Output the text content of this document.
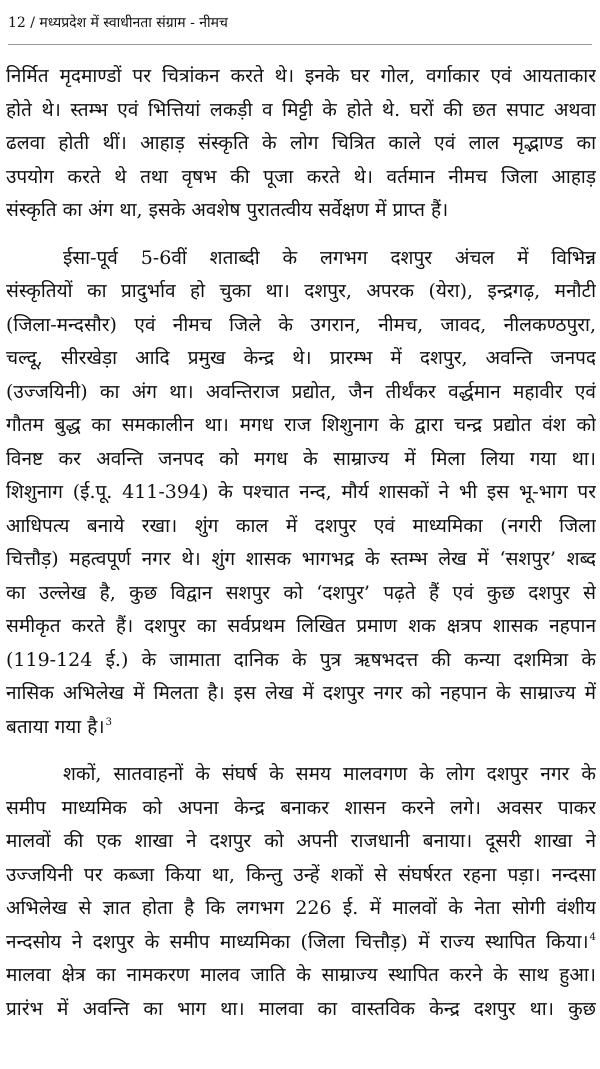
12 / मध्यप्रदेश में स्वाधीनता संग्राम - नीमच
निर्मित मृदमाण्डों पर चित्रांकन करते थे। इनके घर गोल, वर्गाकार एवं आयताकार
होते थे। स्तम्भ एवं भित्तियां लकड़ी व मिट्टी के होते थे. घरों की छत सपाट अथवा
ढलवा होती थीं। आहाड़ संस्कृति के लोग चित्रित काले एवं लाल मृद्भाण्ड का
उपयोग करते थे तथा वृषभ की पूजा करते थे। वर्तमान नीमच जिला आहाड़
संस्कृति का अंग था, इसके अवशेष पुरातत्वीय सर्वेक्षण में प्राप्त हैं।
ईसा-पूर्व 5-6वीं शताब्दी के लगभग दशपुर अंचल में विभिन्न
संस्कृतियों का प्रादुर्भाव हो चुका था। दशपुर, अपरक (येरा), इन्द्रगढ़, मनौटी
(जिला-मन्दसौर) एवं नीमच जिले के उगरान, नीमच, जावद, नीलकण्ठपुरा,
चल्दू, सीरखेड़ा आदि प्रमुख केन्द्र थे। प्रारम्भ में दशपुर, अवन्ति जनपद
(उज्जयिनी) का अंग था। अवन्तिराज प्रद्योत, जैन तीर्थंकर वर्द्धमान महावीर एवं
गौतम बुद्ध का समकालीन था। मगध राज शिशुनाग के द्वारा चन्द्र प्रद्योत वंश को
विनष्ट कर अवन्ति जनपद को मगध के साम्राज्य में मिला लिया गया था।
शिशुनाग (ई.पू. 411-394) के पश्चात नन्द, मौर्य शासकों ने भी इस भू-भाग पर
आधिपत्य बनाये रखा। शुंग काल में दशपुर एवं माध्यमिका (नगरी जिला
चित्तौड़) महत्वपूर्ण नगर थे। शुंग शासक भागभद्र के स्तम्भ लेख में ‘सशपुर’ शब्द
का उल्लेख है, कुछ विद्वान सशपुर को ‘दशपुर’ पढ़ते हैं एवं कुछ दशपुर से
समीकृत करते हैं। दशपुर का सर्वप्रथम लिखित प्रमाण शक क्षत्रप शासक नहपान
(119-124 ई.) के जामाता दानिक के पुत्र ऋषभदत्त की कन्या दशमित्रा के
नासिक अभिलेख में मिलता है। इस लेख में दशपुर नगर को नहपान के साम्राज्य में
बताया गया है।$^3$
शकों, सातवाहनों के संघर्ष के समय मालवगण के लोग दशपुर नगर के
समीप माध्यमिक को अपना केन्द्र बनाकर शासन करने लगे। अवसर पाकर
मालवों की एक शाखा ने दशपुर को अपनी राजधानी बनाया। दूसरी शाखा ने
उज्जयिनी पर कब्जा किया था, किन्तु उन्हें शकों से संघर्षरत रहना पड़ा। नन्दसा
अभिलेख से ज्ञात होता है कि लगभग 226 ई. में मालवों के नेता सोगी वंशीय
नन्दसोय ने दशपुर के समीप माध्यमिका (जिला चित्तौड़) में राज्य स्थापित किया।$^4$
मालवा क्षेत्र का नामकरण मालव जाति के साम्राज्य स्थापित करने के साथ हुआ।
प्रारंभ में अवन्ति का भाग था। मालवा का वास्तविक केन्द्र दशपुर था। कुछ
